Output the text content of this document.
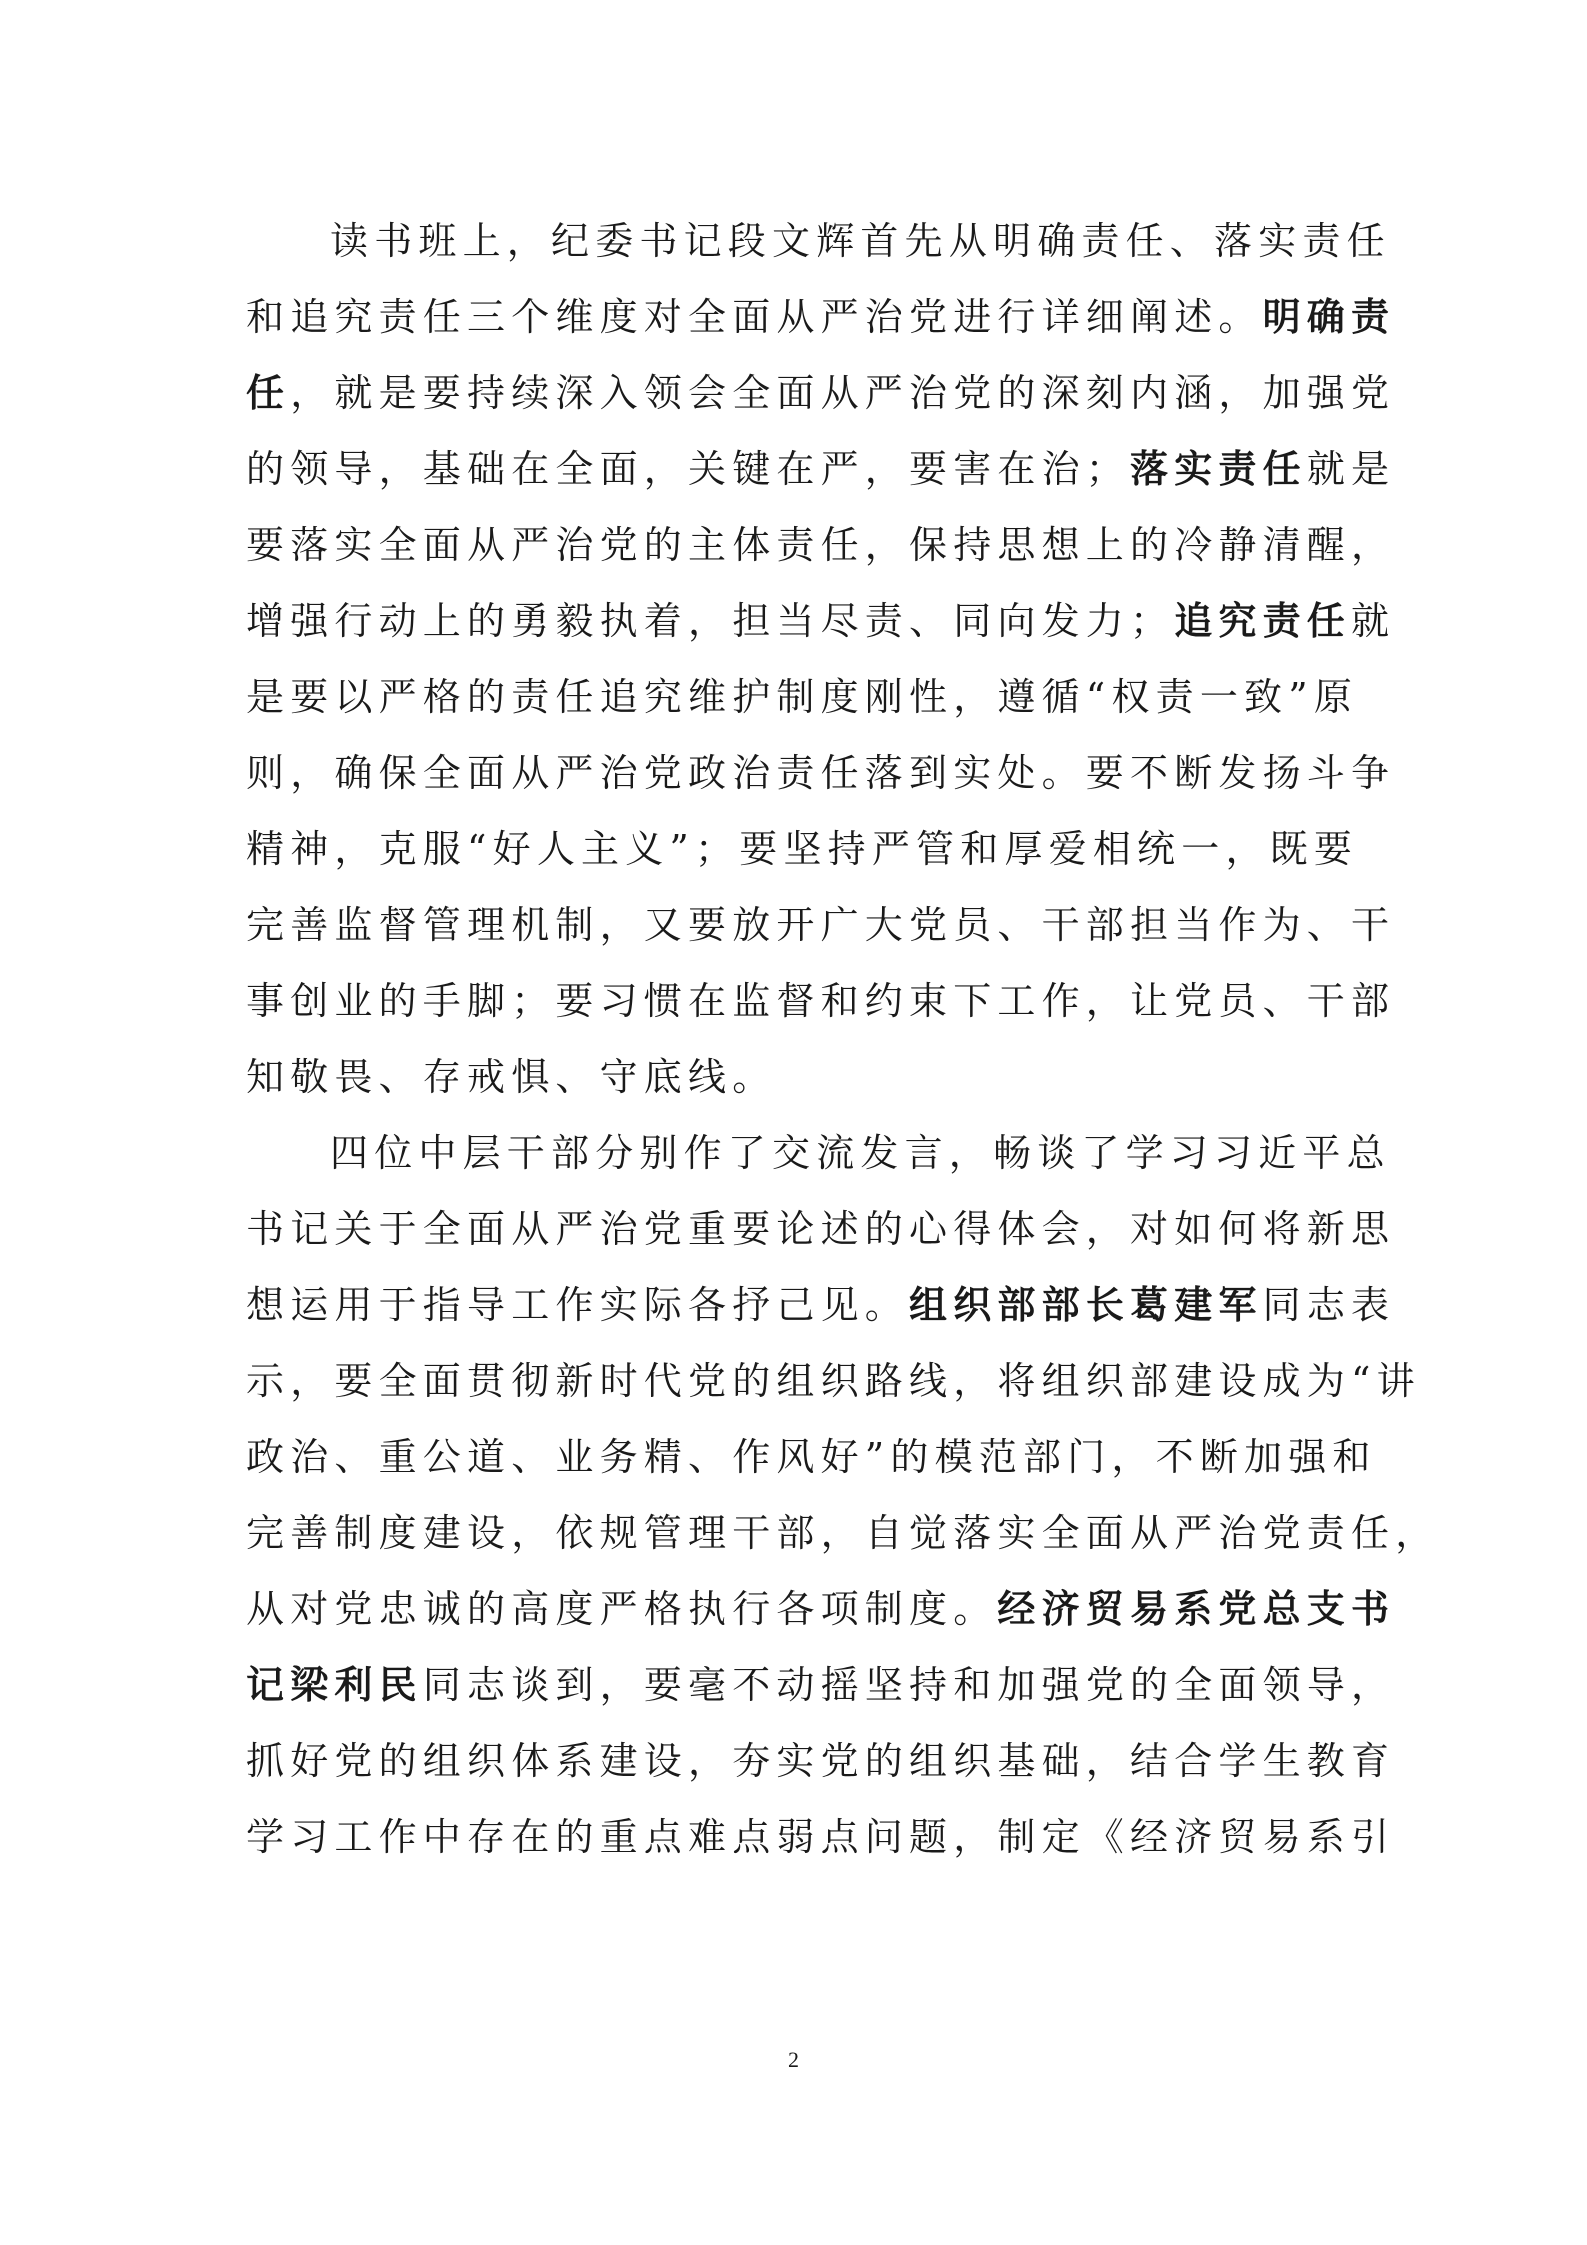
读书班上，纪委书记段文辉首先从明确责任、落实责任
和追究责任三个维度对全面从严治党进行详细阐述。明确责
任，就是要持续深入领会全面从严治党的深刻内涵，加强党
的领导，基础在全面，关键在严，要害在治；落实责任就是
要落实全面从严治党的主体责任，保持思想上的冷静清醒，
增强行动上的勇毅执着，担当尽责、同向发力；追究责任就
是要以严格的责任追究维护制度刚性，遵循“权责一致”原
则，确保全面从严治党政治责任落到实处。要不断发扬斗争
精神，克服“好人主义”；要坚持严管和厚爱相统一，既要
完善监督管理机制，又要放开广大党员、干部担当作为、干
事创业的手脚；要习惯在监督和约束下工作，让党员、干部
知敬畏、存戒惧、守底线。
四位中层干部分别作了交流发言，畅谈了学习习近平总
书记关于全面从严治党重要论述的心得体会，对如何将新思
想运用于指导工作实际各抒己见。组织部部长葛建军同志表
示，要全面贯彻新时代党的组织路线，将组织部建设成为“讲
政治、重公道、业务精、作风好”的模范部门，不断加强和
完善制度建设，依规管理干部，自觉落实全面从严治党责任，
从对党忠诚的高度严格执行各项制度。经济贸易系党总支书
记梁利民同志谈到，要毫不动摇坚持和加强党的全面领导，
抓好党的组织体系建设，夯实党的组织基础，结合学生教育
学习工作中存在的重点难点弱点问题，制定《经济贸易系引
2
